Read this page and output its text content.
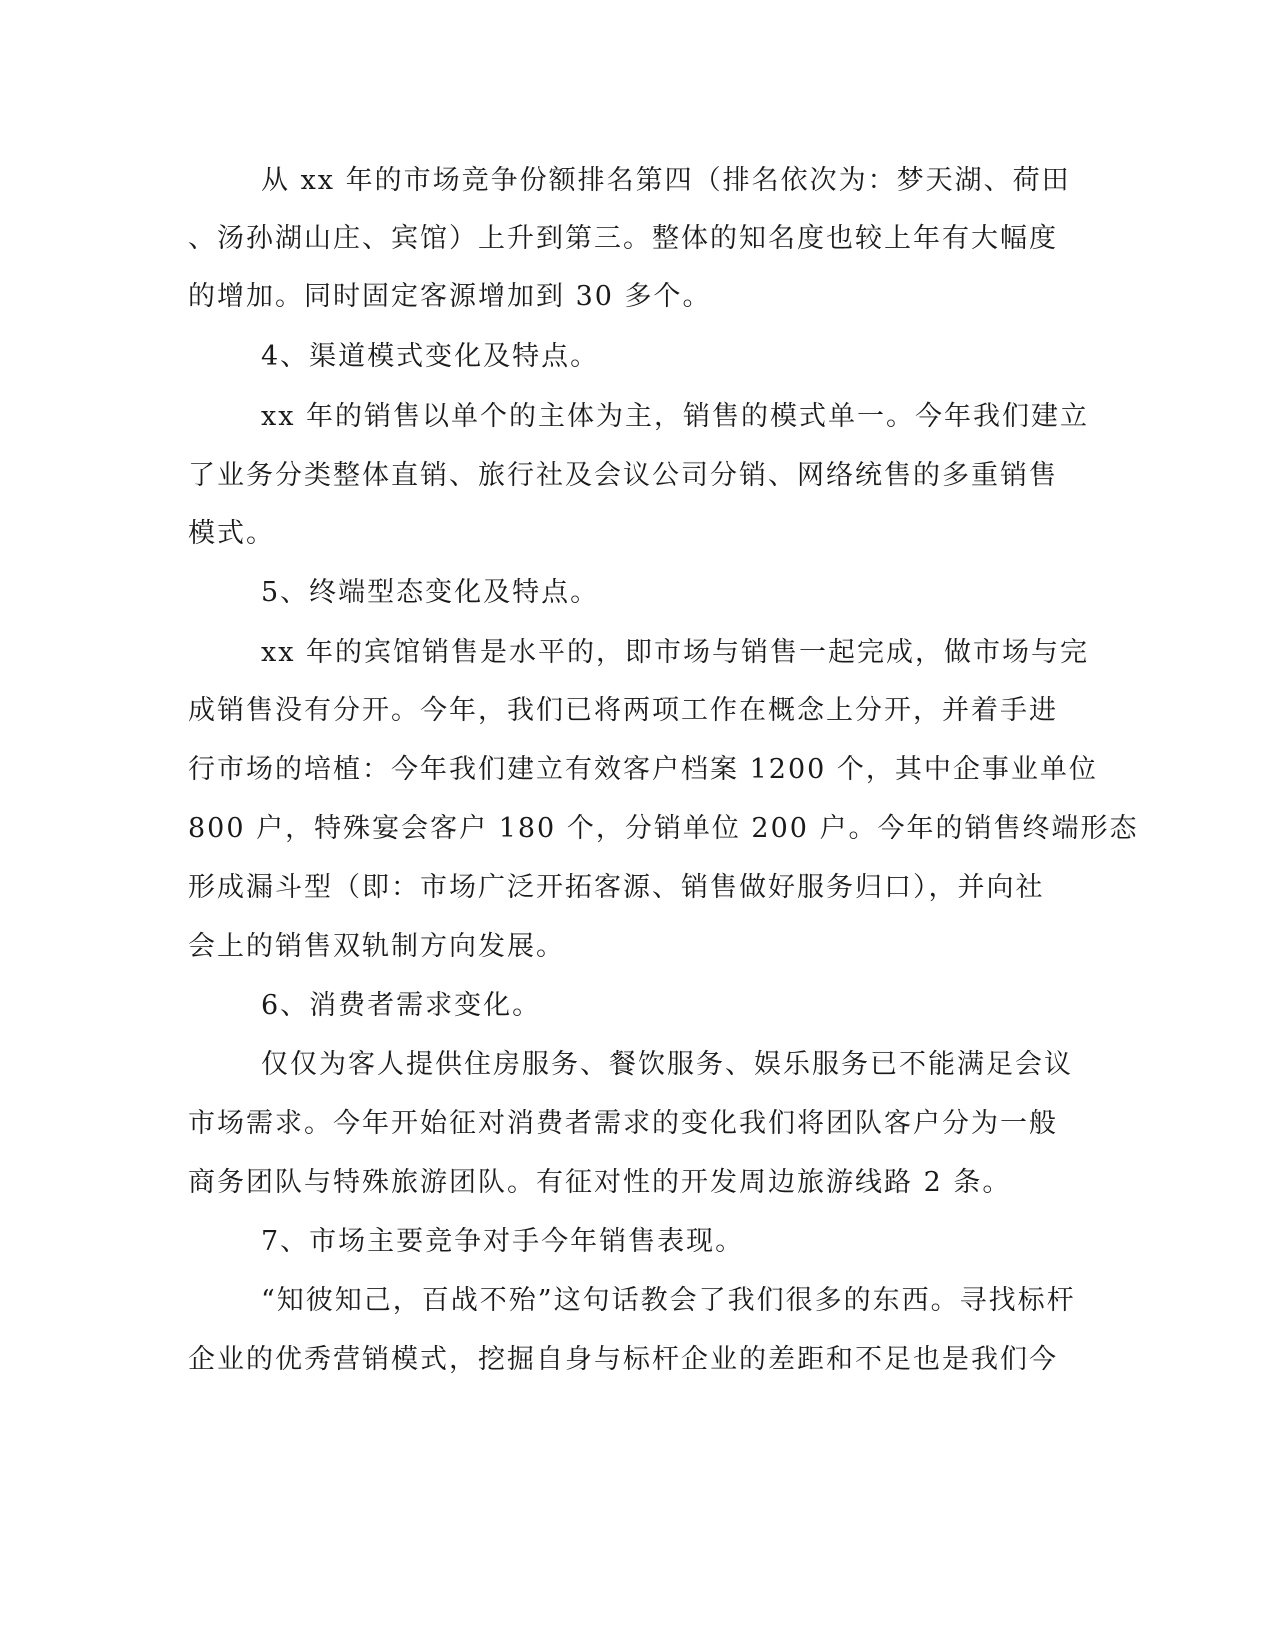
从 xx 年的市场竞争份额排名第四（排名依次为：梦天湖、荷田
、汤孙湖山庄、宾馆）上升到第三。整体的知名度也较上年有大幅度
的增加。同时固定客源增加到 30 多个。
4、渠道模式变化及特点。
xx 年的销售以单个的主体为主，销售的模式单一。今年我们建立
了业务分类整体直销、旅行社及会议公司分销、网络统售的多重销售
模式。
5、终端型态变化及特点。
xx 年的宾馆销售是水平的，即市场与销售一起完成，做市场与完
成销售没有分开。今年，我们已将两项工作在概念上分开，并着手进
行市场的培植：今年我们建立有效客户档案 1200 个，其中企事业单位
800 户，特殊宴会客户 180 个，分销单位 200 户。今年的销售终端形态
形成漏斗型（即：市场广泛开拓客源、销售做好服务归口），并向社
会上的销售双轨制方向发展。
6、消费者需求变化。
仅仅为客人提供住房服务、餐饮服务、娱乐服务已不能满足会议
市场需求。今年开始征对消费者需求的变化我们将团队客户分为一般
商务团队与特殊旅游团队。有征对性的开发周边旅游线路 2 条。
7、市场主要竞争对手今年销售表现。
“知彼知己，百战不殆”这句话教会了我们很多的东西。寻找标杆
企业的优秀营销模式，挖掘自身与标杆企业的差距和不足也是我们今
